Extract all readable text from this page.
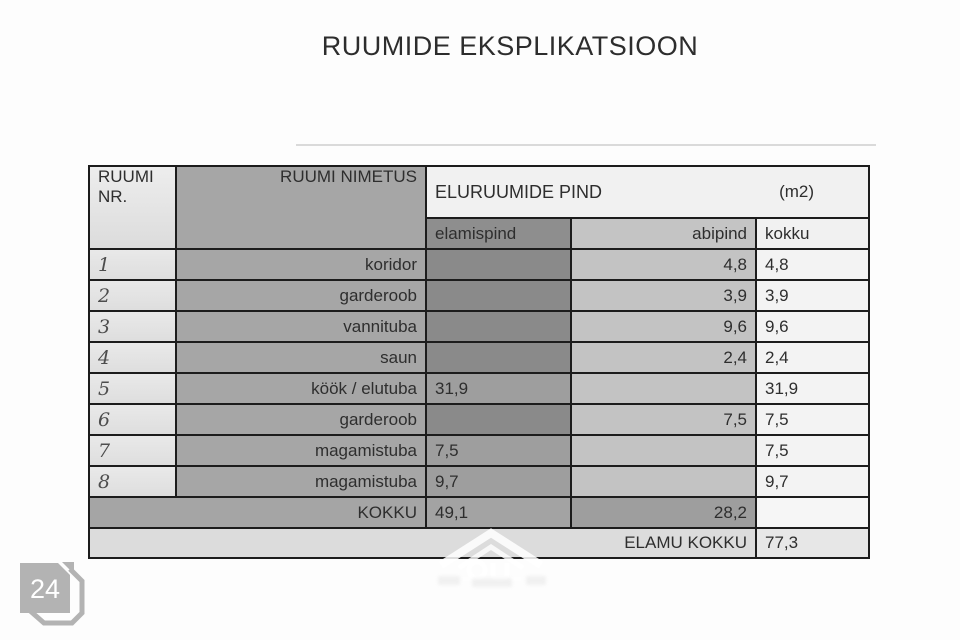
RUUMIDE EKSPLIKATSIOON
RUUMI NR.	RUUMI NIMETUS	ELURUUMIDE PIND (m2)		

		elamispind	abipind	kokku
1	koridor		4,8	4,8
2	garderoob		3,9	3,9
3	vannituba		9,6	9,6
4	saun		2,4	2,4
5	köök / elutuba	31,9		31,9
6	garderoob		7,5	7,5
7	magamistuba	7,5		7,5
8	magamistuba	9,7		9,7
KOKKU		49,1	28,2	
ELAMU KOKKU				77,3
24
